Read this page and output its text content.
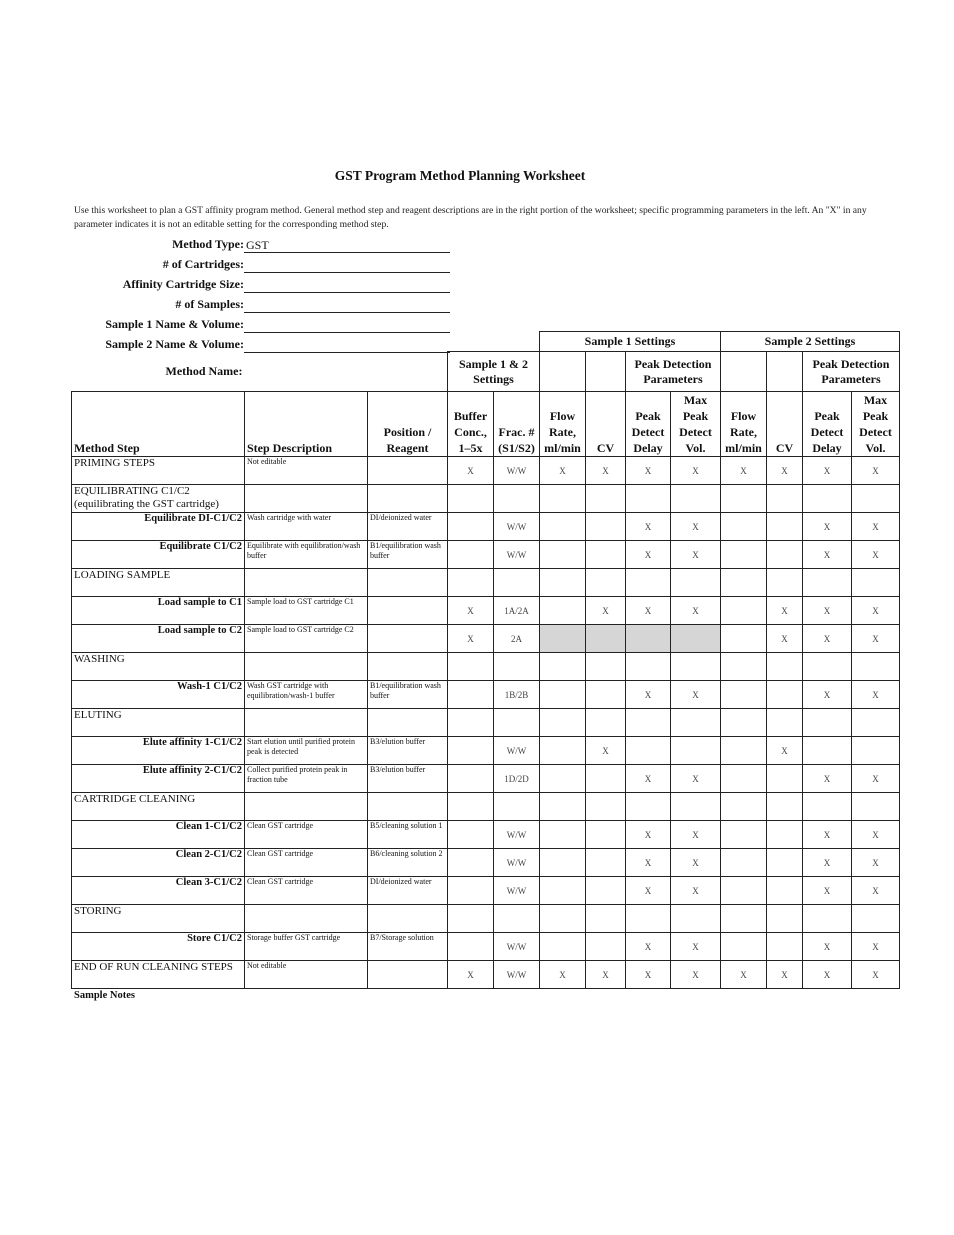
GST Program Method Planning Worksheet
Use this worksheet to plan a GST affinity program method. General method step and reagent descriptions are in the right portion of the worksheet; specific programming parameters in the left. An "X" in any parameter indicates it is not an editable setting for the corresponding method step.
Method Type: GST
# of Cartridges:
Affinity Cartridge Size:
# of Samples:
Sample 1 Name & Volume:
Sample 2 Name & Volume:
					Sample 1 Settings				Sample 2 Settings			
Method Name:			Sample 1 & 2 Settings				Peak Detection Parameters				Peak Detection Parameters	
Method Step	Step Description	Position / Reagent	Buffer Conc., 1–5x	Frac. # (S1/S2)	Flow Rate, ml/min	CV	Peak Detect Delay	Max Peak Detect Vol.	Flow Rate, ml/min	CV	Peak Detect Delay	Max Peak Detect Vol.
PRIMING STEPS	Not editable		X	W/W	X	X	X	X	X	X	X	X
EQUILIBRATING C1/C2 (equilibrating the GST cartridge)												
Equilibrate DI-C1/C2	Wash cartridge with water	DI/deionized water		W/W			X	X			X	X
Equilibrate C1/C2	Equilibrate with equilibration/wash buffer	B1/equilibration wash buffer		W/W			X	X			X	X
LOADING SAMPLE												
Load sample to C1	Sample load to GST cartridge C1		X	1A/2A		X	X	X		X	X	X
Load sample to C2	Sample load to GST cartridge C2		X	2A						X	X	X
WASHING												
Wash-1 C1/C2	Wash GST cartridge with equilibration/wash-1 buffer	B1/equilibration wash buffer		1B/2B			X	X			X	X
ELUTING												
Elute affinity 1-C1/C2	Start elution until purified protein peak is detected	B3/elution buffer		W/W		X				X		
Elute affinity 2-C1/C2	Collect purified protein peak in fraction tube	B3/elution buffer		1D/2D			X	X			X	X
CARTRIDGE CLEANING												
Clean 1-C1/C2	Clean GST cartridge	B5/cleaning solution 1		W/W			X	X			X	X
Clean 2-C1/C2	Clean GST cartridge	B6/cleaning solution 2		W/W			X	X			X	X
Clean 3-C1/C2	Clean GST cartridge	DI/deionized water		W/W			X	X			X	X
STORING												
Store C1/C2	Storage buffer GST cartridge	B7/Storage solution		W/W			X	X			X	X
END OF RUN CLEANING STEPS	Not editable		X	W/W	X	X	X	X	X	X	X	X
Sample Notes
